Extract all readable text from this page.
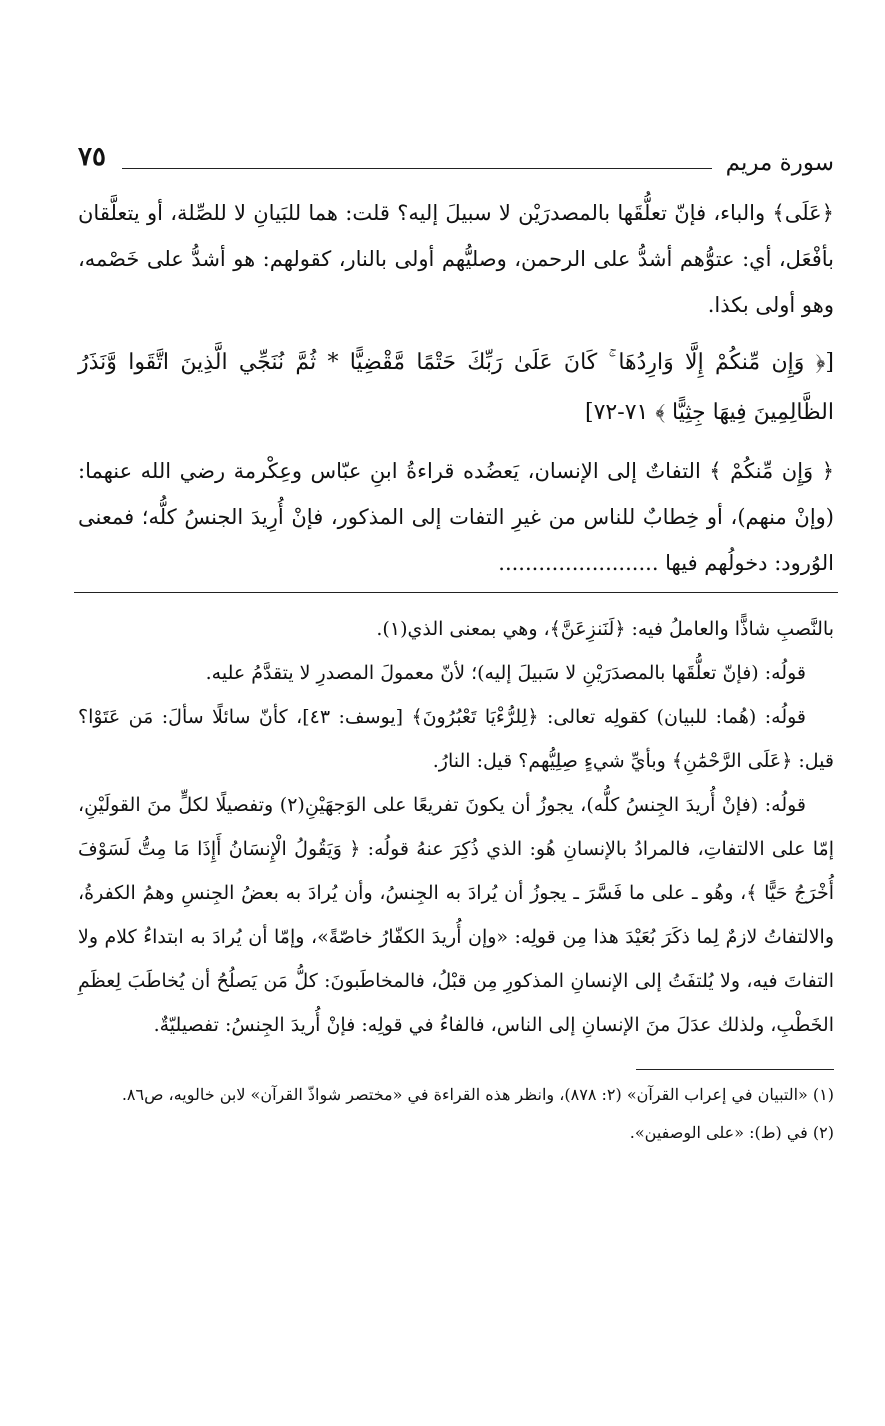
سورة مريم
٧٥

﴿عَلَى﴾ والباء، فإنّ تعلُّقَها بالمصدرَيْن لا سبيلَ إليه؟ قلت: هما للبَيانِ لا للصِّلة، أو يتعلَّقان بأفْعَل، أي: عتوُّهم أشدُّ على الرحمن، وصليُّهم أولى بالنار، كقولهم: هو أشدُّ على خَصْمه، وهو أولى بكذا.

[﴿ وَإِن مِّنكُمْ إِلَّا وَارِدُهَا ۚ كَانَ عَلَىٰ رَبِّكَ حَتْمًا مَّقْضِيًّا * ثُمَّ نُنَجِّي الَّذِينَ اتَّقَوا وَّنَذَرُ الظَّالِمِينَ فِيهَا جِثِيًّا ﴾ ٧١-٧٢]

﴿ وَإِن مِّنكُمْ ﴾ التفاتٌ إلى الإنسان، يَعضُده قراءةُ ابنِ عبّاس وعِكْرمة رضي الله عنهما: (وإنْ منهم)، أو خِطابٌ للناس من غيرِ التفات إلى المذكور، فإنْ أُرِيدَ الجنسُ كلُّه؛ فمعنى الوُرود: دخولُهم فيها ........................

بالنَّصبِ شاذًّا والعاملُ فيه: ﴿لَنَنزِعَنَّ﴾، وهي بمعنى الذي(١).

قولُه: (فإنّ تعلُّقَها بالمصدَرَيْنِ لا سَبيلَ إليه)؛ لأنّ معمولَ المصدرِ لا يتقدَّمُ عليه.

قولُه: (هُما: للبيان) كقولِه تعالى: ﴿لِلرُّءْيَا تَعْبُرُونَ﴾ [يوسف: ٤٣]، كأنّ سائلًا سألَ: مَن عَتَوْا؟ قيل: ﴿عَلَى الرَّحْمَٰنِ﴾ وبأيِّ شيءٍ صِلِيُّهم؟ قيل: النارُ.

قولُه: (فإنْ أُريدَ الجِنسُ كلُّه)، يجوزُ أن يكونَ تفريعًا على الوَجهَيْنِ(٢) وتفصيلًا لكلٍّ منَ القولَيْنِ، إمّا على الالتفاتِ، فالمرادُ بالإنسانِ هُو: الذي ذُكِرَ عنهُ قولُه: ﴿ وَيَقُولُ الْإِنسَانُ أَإِذَا مَا مِتُّ لَسَوْفَ أُخْرَجُ حَيًّا ﴾، وهُو ـ على ما فَسَّرَ ـ يجوزُ أن يُرادَ به الجِنسُ، وأن يُرادَ به بعضُ الجِنسِ وهمُ الكفرةُ، والالتفاتُ لازمٌ لِما ذكَرَ بُعَيْدَ هذا مِن قولِه: «وإن أُريدَ الكفّارُ خاصّةً»، وإمّا أن يُرادَ به ابتداءُ كلام ولا التفاتَ فيه، ولا يُلتفَتُ إلى الإنسانِ المذكورِ مِن قبْلُ، فالمخاطَبونَ: كلُّ مَن يَصلُحُ أن يُخاطَبَ لِعظَمِ الخَطْبِ، ولذلك عدَلَ منَ الإنسانِ إلى الناس، فالفاءُ في قولِه: فإنْ أُريدَ الجِنسُ: تفصيليّةٌ.

(١) «التبيان في إعراب القرآن» (٢: ٨٧٨)، وانظر هذه القراءة في «مختصر شواذّ القرآن» لابن خالويه، ص٨٦.

(٢) في (ط): «على الوصفين».
